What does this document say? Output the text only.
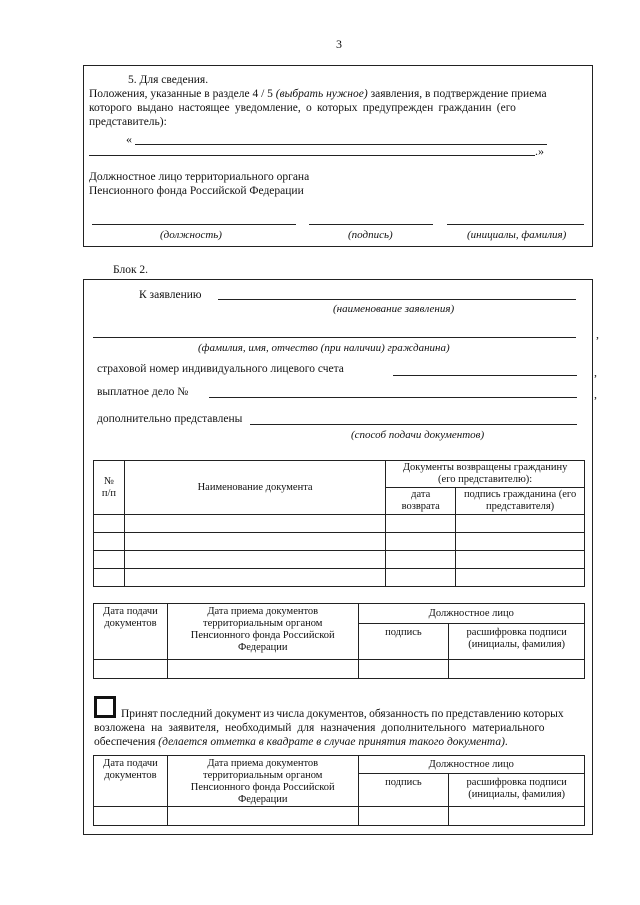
3
5. Для сведения.
Положения, указанные в разделе 4 / 5 (выбрать нужное) заявления, в подтверждение приема
которого выдано настоящее уведомление, о которых предупрежден гражданин (его
представитель):
«
.»
Должностное лицо территориального органа
Пенсионного фонда Российской Федерации
(должность)	(подпись)	(инициалы, фамилия)
Блок 2.
К заявлению
(наименование заявления)
,
(фамилия, имя, отчество (при наличии) гражданина)
страховой номер индивидуального лицевого счета	,
выплатное дело №	,
дополнительно представлены
(способ подачи документов)
№ п/п	Наименование документа	Документы возвращены гражданину (его представителю):	
		дата возврата	подпись гражданина (его представителя)

Дата подачи документов	Дата приема документов территориальным органом Пенсионного фонда Российской Федерации	Должностное лицо	
		подпись	расшифровка подписи (инициалы, фамилия)

Принят последний документ из числа документов, обязанность по представлению которых
возложена на заявителя, необходимый для назначения дополнительного материального
обеспечения (делается отметка в квадрате в случае принятия такого документа).
Дата подачи документов	Дата приема документов территориальным органом Пенсионного фонда Российской Федерации	Должностное лицо	
		подпись	расшифровка подписи (инициалы, фамилия)
